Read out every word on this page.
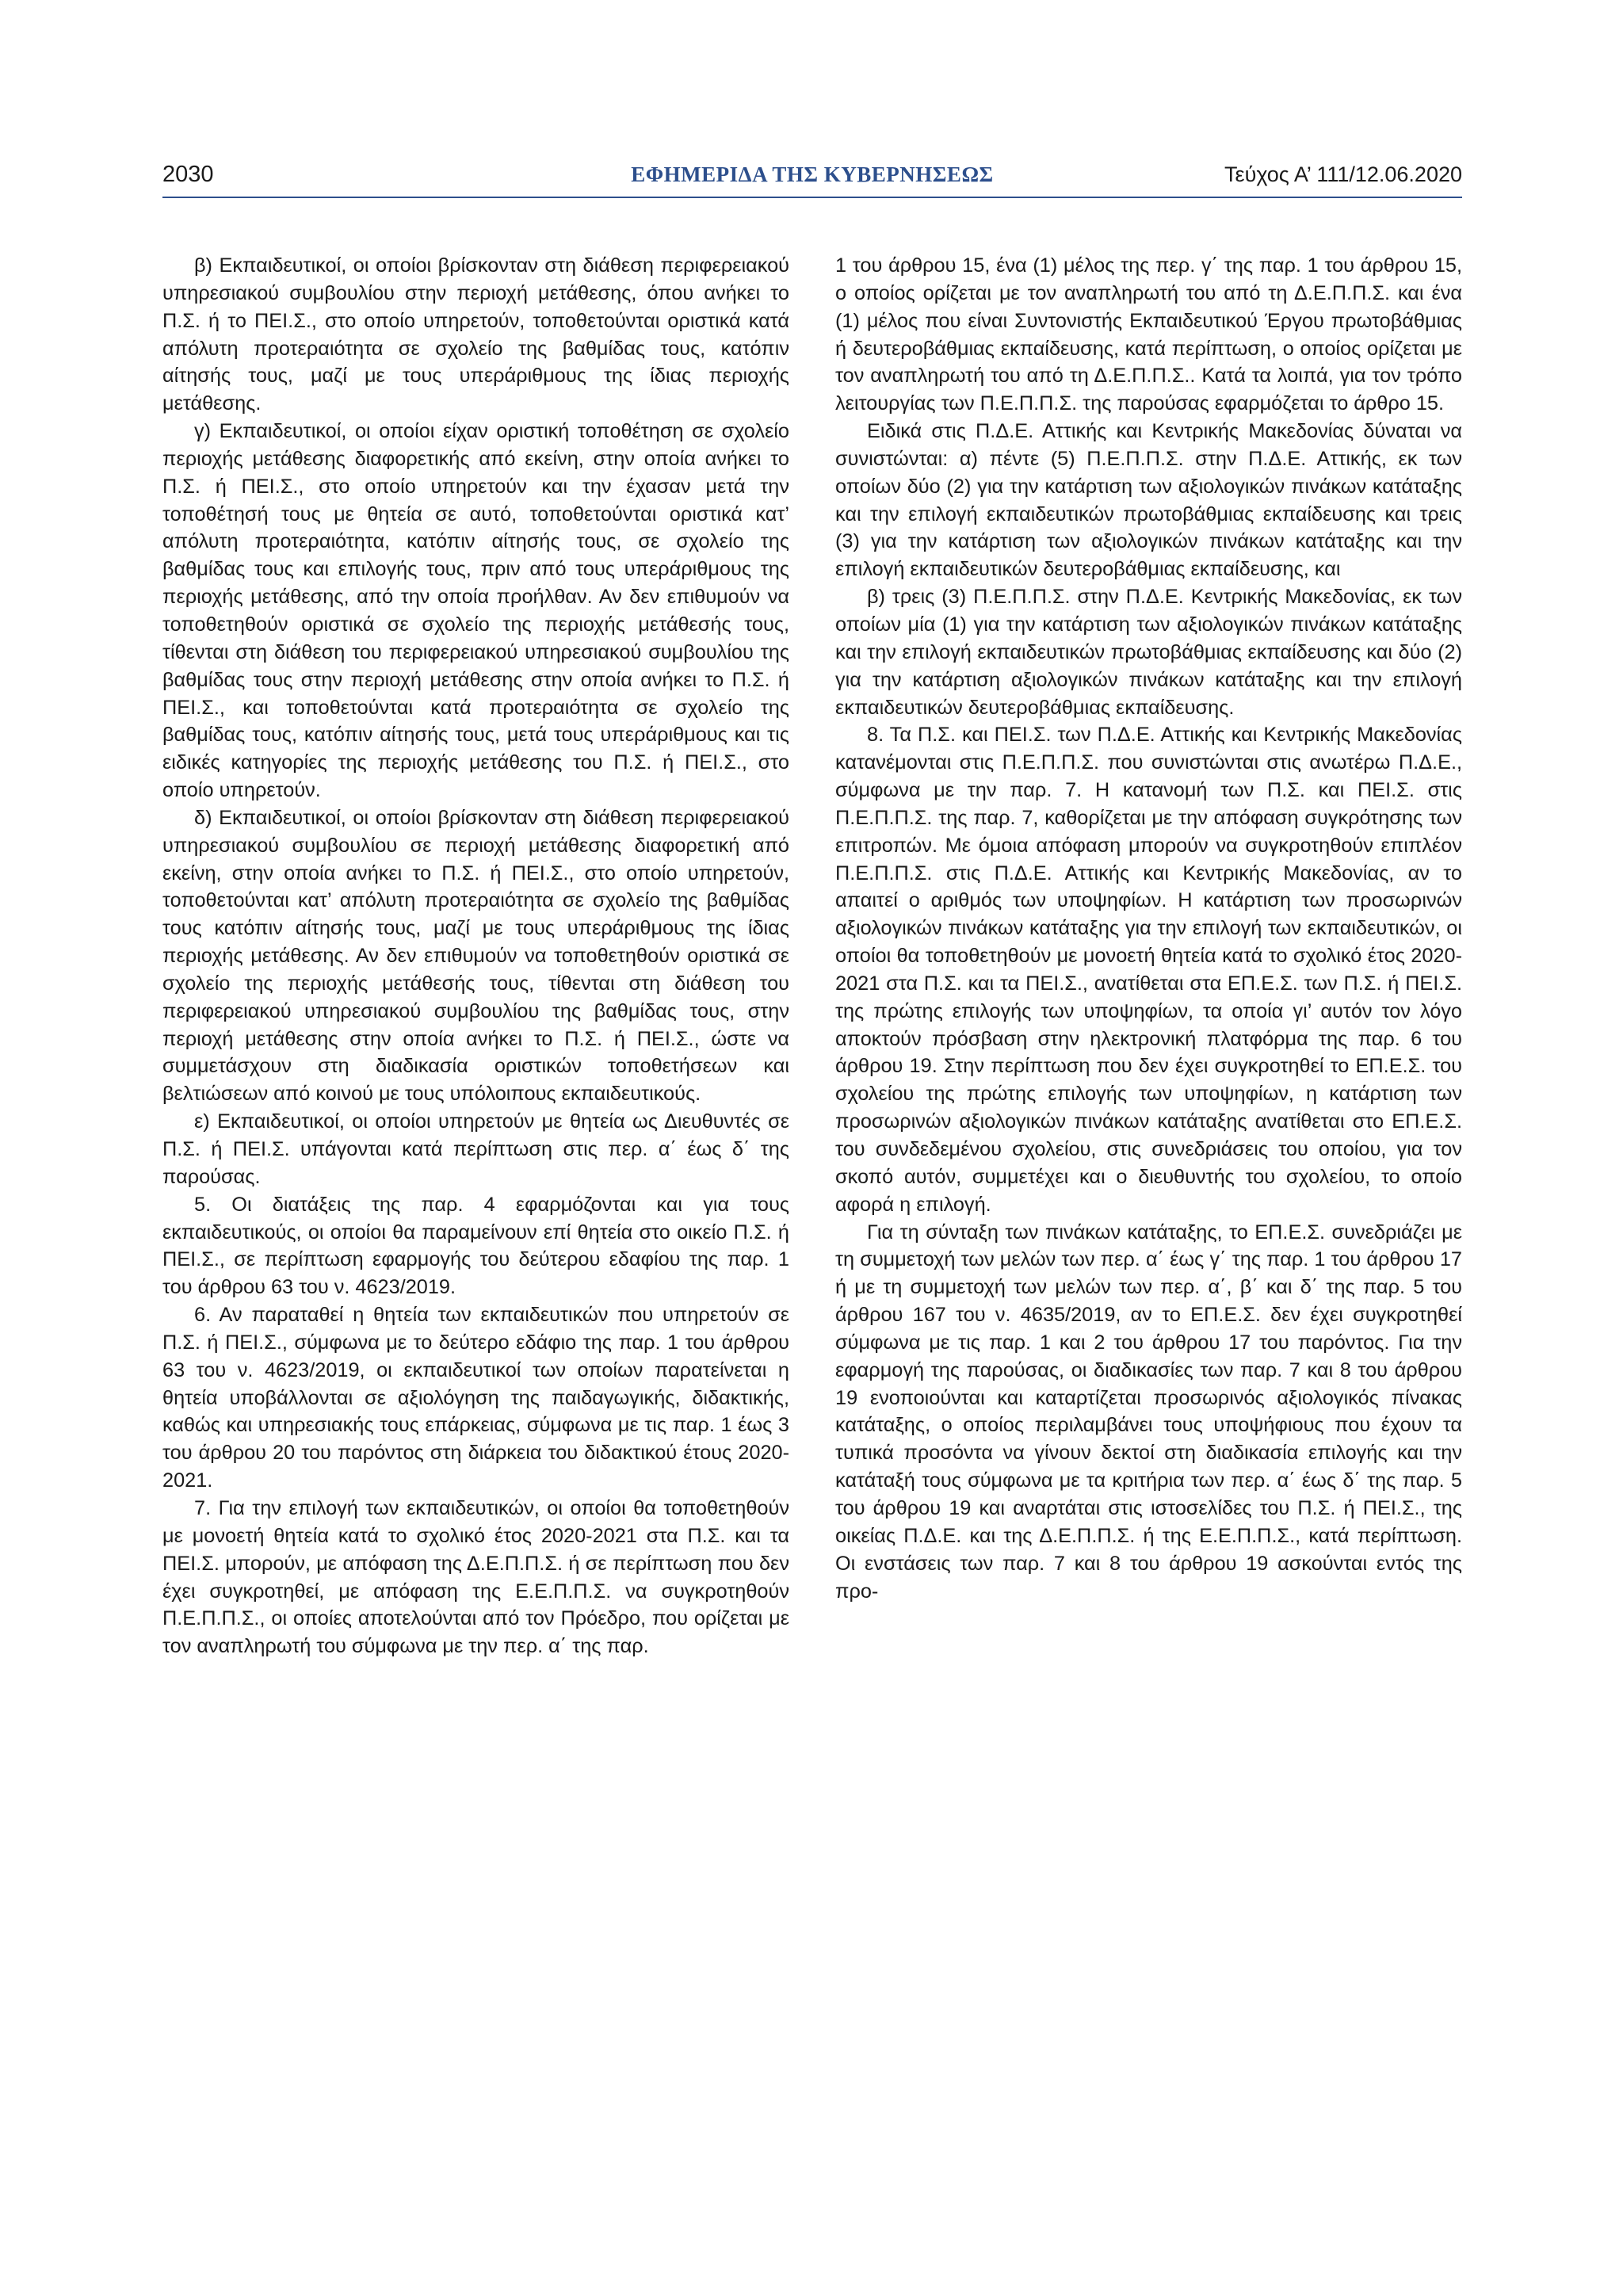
2030	ΕΦΗΜΕΡΙΔΑ ΤΗΣ ΚΥΒΕΡΝΗΣΕΩΣ	Τεύχος Α’ 111/12.06.2020

β) Εκπαιδευτικοί, οι οποίοι βρίσκονταν στη διάθεση περιφερειακού υπηρεσιακού συμβουλίου στην περιοχή μετάθεσης, όπου ανήκει το Π.Σ. ή το ΠΕΙ.Σ., στο οποίο υπηρετούν, τοποθετούνται οριστικά κατά απόλυτη προτεραιότητα σε σχολείο της βαθμίδας τους, κατόπιν αίτησής τους, μαζί με τους υπεράριθμους της ίδιας περιοχής μετάθεσης.

γ) Εκπαιδευτικοί, οι οποίοι είχαν οριστική τοποθέτηση σε σχολείο περιοχής μετάθεσης διαφορετικής από εκείνη, στην οποία ανήκει το Π.Σ. ή ΠΕΙ.Σ., στο οποίο υπηρετούν και την έχασαν μετά την τοποθέτησή τους με θητεία σε αυτό, τοποθετούνται οριστικά κατ’ απόλυτη προτεραιότητα, κατόπιν αίτησής τους, σε σχολείο της βαθμίδας τους και επιλογής τους, πριν από τους υπεράριθμους της περιοχής μετάθεσης, από την οποία προήλθαν. Αν δεν επιθυμούν να τοποθετηθούν οριστικά σε σχολείο της περιοχής μετάθεσής τους, τίθενται στη διάθεση του περιφερειακού υπηρεσιακού συμβουλίου της βαθμίδας τους στην περιοχή μετάθεσης στην οποία ανήκει το Π.Σ. ή ΠΕΙ.Σ., και τοποθετούνται κατά προτεραιότητα σε σχολείο της βαθμίδας τους, κατόπιν αίτησής τους, μετά τους υπεράριθμους και τις ειδικές κατηγορίες της περιοχής μετάθεσης του Π.Σ. ή ΠΕΙ.Σ., στο οποίο υπηρετούν.

δ) Εκπαιδευτικοί, οι οποίοι βρίσκονταν στη διάθεση περιφερειακού υπηρεσιακού συμβουλίου σε περιοχή μετάθεσης διαφορετική από εκείνη, στην οποία ανήκει το Π.Σ. ή ΠΕΙ.Σ., στο οποίο υπηρετούν, τοποθετούνται κατ’ απόλυτη προτεραιότητα σε σχολείο της βαθμίδας τους κατόπιν αίτησής τους, μαζί με τους υπεράριθμους της ίδιας περιοχής μετάθεσης. Αν δεν επιθυμούν να τοποθετηθούν οριστικά σε σχολείο της περιοχής μετάθεσής τους, τίθενται στη διάθεση του περιφερειακού υπηρεσιακού συμβουλίου της βαθμίδας τους, στην περιοχή μετάθεσης στην οποία ανήκει το Π.Σ. ή ΠΕΙ.Σ., ώστε να συμμετάσχουν στη διαδικασία οριστικών τοποθετήσεων και βελτιώσεων από κοινού με τους υπόλοιπους εκπαιδευτικούς.

ε) Εκπαιδευτικοί, οι οποίοι υπηρετούν με θητεία ως Διευθυντές σε Π.Σ. ή ΠΕΙ.Σ. υπάγονται κατά περίπτωση στις περ. α΄ έως δ΄ της παρούσας.

5. Οι διατάξεις της παρ. 4 εφαρμόζονται και για τους εκπαιδευτικούς, οι οποίοι θα παραμείνουν επί θητεία στο οικείο Π.Σ. ή ΠΕΙ.Σ., σε περίπτωση εφαρμογής του δεύτερου εδαφίου της παρ. 1 του άρθρου 63 του ν. 4623/2019.

6. Αν παραταθεί η θητεία των εκπαιδευτικών που υπηρετούν σε Π.Σ. ή ΠΕΙ.Σ., σύμφωνα με το δεύτερο εδάφιο της παρ. 1 του άρθρου 63 του ν. 4623/2019, οι εκπαιδευτικοί των οποίων παρατείνεται η θητεία υποβάλλονται σε αξιολόγηση της παιδαγωγικής, διδακτικής, καθώς και υπηρεσιακής τους επάρκειας, σύμφωνα με τις παρ. 1 έως 3 του άρθρου 20 του παρόντος στη διάρκεια του διδακτικού έτους 2020-2021.

7. Για την επιλογή των εκπαιδευτικών, οι οποίοι θα τοποθετηθούν με μονοετή θητεία κατά το σχολικό έτος 2020-2021 στα Π.Σ. και τα ΠΕΙ.Σ. μπορούν, με απόφαση της Δ.Ε.Π.Π.Σ. ή σε περίπτωση που δεν έχει συγκροτηθεί, με απόφαση της Ε.Ε.Π.Π.Σ. να συγκροτηθούν Π.Ε.Π.Π.Σ., οι οποίες αποτελούνται από τον Πρόεδρο, που ορίζεται με τον αναπληρωτή του σύμφωνα με την περ. α΄ της παρ.

1 του άρθρου 15, ένα (1) μέλος της περ. γ΄ της παρ. 1 του άρθρου 15, ο οποίος ορίζεται με τον αναπληρωτή του από τη Δ.Ε.Π.Π.Σ. και ένα (1) μέλος που είναι Συντονιστής Εκπαιδευτικού Έργου πρωτοβάθμιας ή δευτεροβάθμιας εκπαίδευσης, κατά περίπτωση, ο οποίος ορίζεται με τον αναπληρωτή του από τη Δ.Ε.Π.Π.Σ.. Κατά τα λοιπά, για τον τρόπο λειτουργίας των Π.Ε.Π.Π.Σ. της παρούσας εφαρμόζεται το άρθρο 15.

Ειδικά στις Π.Δ.Ε. Αττικής και Κεντρικής Μακεδονίας δύναται να συνιστώνται: α) πέντε (5) Π.Ε.Π.Π.Σ. στην Π.Δ.Ε. Αττικής, εκ των οποίων δύο (2) για την κατάρτιση των αξιολογικών πινάκων κατάταξης και την επιλογή εκπαιδευτικών πρωτοβάθμιας εκπαίδευσης και τρεις (3) για την κατάρτιση των αξιολογικών πινάκων κατάταξης και την επιλογή εκπαιδευτικών δευτεροβάθμιας εκπαίδευσης, και

β) τρεις (3) Π.Ε.Π.Π.Σ. στην Π.Δ.Ε. Κεντρικής Μακεδονίας, εκ των οποίων μία (1) για την κατάρτιση των αξιολογικών πινάκων κατάταξης και την επιλογή εκπαιδευτικών πρωτοβάθμιας εκπαίδευσης και δύο (2) για την κατάρτιση αξιολογικών πινάκων κατάταξης και την επιλογή εκπαιδευτικών δευτεροβάθμιας εκπαίδευσης.

8. Τα Π.Σ. και ΠΕΙ.Σ. των Π.Δ.Ε. Αττικής και Κεντρικής Μακεδονίας κατανέμονται στις Π.Ε.Π.Π.Σ. που συνιστώνται στις ανωτέρω Π.Δ.Ε., σύμφωνα με την παρ. 7. Η κατανομή των Π.Σ. και ΠΕΙ.Σ. στις Π.Ε.Π.Π.Σ. της παρ. 7, καθορίζεται με την απόφαση συγκρότησης των επιτροπών. Με όμοια απόφαση μπορούν να συγκροτηθούν επιπλέον Π.Ε.Π.Π.Σ. στις Π.Δ.Ε. Αττικής και Κεντρικής Μακεδονίας, αν το απαιτεί ο αριθμός των υποψηφίων. Η κατάρτιση των προσωρινών αξιολογικών πινάκων κατάταξης για την επιλογή των εκπαιδευτικών, οι οποίοι θα τοποθετηθούν με μονοετή θητεία κατά το σχολικό έτος 2020-2021 στα Π.Σ. και τα ΠΕΙ.Σ., ανατίθεται στα ΕΠ.Ε.Σ. των Π.Σ. ή ΠΕΙ.Σ. της πρώτης επιλογής των υποψηφίων, τα οποία γι’ αυτόν τον λόγο αποκτούν πρόσβαση στην ηλεκτρονική πλατφόρμα της παρ. 6 του άρθρου 19. Στην περίπτωση που δεν έχει συγκροτηθεί το ΕΠ.Ε.Σ. του σχολείου της πρώτης επιλογής των υποψηφίων, η κατάρτιση των προσωρινών αξιολογικών πινάκων κατάταξης ανατίθεται στο ΕΠ.Ε.Σ. του συνδεδεμένου σχολείου, στις συνεδριάσεις του οποίου, για τον σκοπό αυτόν, συμμετέχει και ο διευθυντής του σχολείου, το οποίο αφορά η επιλογή.

Για τη σύνταξη των πινάκων κατάταξης, το ΕΠ.Ε.Σ. συνεδριάζει με τη συμμετοχή των μελών των περ. α΄ έως γ΄ της παρ. 1 του άρθρου 17 ή με τη συμμετοχή των μελών των περ. α΄, β΄ και δ΄ της παρ. 5 του άρθρου 167 του ν. 4635/2019, αν το ΕΠ.Ε.Σ. δεν έχει συγκροτηθεί σύμφωνα με τις παρ. 1 και 2 του άρθρου 17 του παρόντος. Για την εφαρμογή της παρούσας, οι διαδικασίες των παρ. 7 και 8 του άρθρου 19 ενοποιούνται και καταρτίζεται προσωρινός αξιολογικός πίνακας κατάταξης, ο οποίος περιλαμβάνει τους υποψήφιους που έχουν τα τυπικά προσόντα να γίνουν δεκτοί στη διαδικασία επιλογής και την κατάταξή τους σύμφωνα με τα κριτήρια των περ. α΄ έως δ΄ της παρ. 5 του άρθρου 19 και αναρτάται στις ιστοσελίδες του Π.Σ. ή ΠΕΙ.Σ., της οικείας Π.Δ.Ε. και της Δ.Ε.Π.Π.Σ. ή της Ε.Ε.Π.Π.Σ., κατά περίπτωση. Οι ενστάσεις των παρ. 7 και 8 του άρθρου 19 ασκούνται εντός της προ-
